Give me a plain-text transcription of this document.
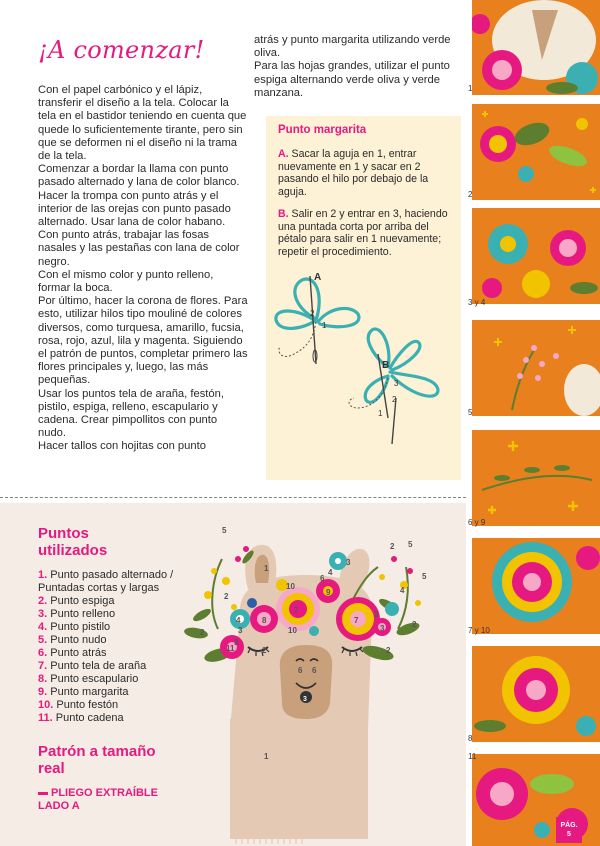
¡A comenzar!

Con el papel carbónico y el lápiz, transferir el diseño a la tela. Colocar la tela en el bastidor teniendo en cuenta que quede lo suficientemente tirante, pero sin que se deformen ni el diseño ni la trama de la tela.

Comenzar a bordar la llama con punto pasado alternado y lana de color blanco.

Hacer la trompa con punto atrás y el interior de las orejas con punto pasado alternado. Usar lana de color habano.

Con punto atrás, trabajar las fosas nasales y las pestañas con lana de color negro.

Con el mismo color y punto relleno, formar la boca.

Por último, hacer la corona de flores. Para esto, utilizar hilos tipo mouliné de colores diversos, como turquesa, amarillo, fucsia, rosa, rojo, azul, lila y magenta. Siguiendo el patrón de puntos, completar primero las flores principales y, luego, las más pequeñas.

Usar los puntos tela de araña, festón, pistilo, espiga, relleno, escapulario y cadena. Crear pimpollitos con punto nudo.

Hacer tallos con hojitas con punto

atrás y punto margarita utilizando verde oliva.

Para las hojas grandes, utilizar el punto espiga alternando verde oliva y verde manzana.

Punto margarita
A. Sacar la aguja en 1, entrar nuevamente en 1 y sacar en 2 pasando el hilo por debajo de la aguja.
B. Salir en 2 y entrar en 3, haciendo una puntada corta por arriba del pétalo para salir en 1 nuevamente; repetir el procedimiento.
A
1
2
B
3
2
1
Puntos utilizados
1. Punto pasado alternado / Puntadas cortas y largas
2. Punto espiga
3. Punto relleno
4. Punto pistilo
5. Punto nudo
6. Punto atrás
7. Punto tela de araña
8. Punto escapulario
9. Punto margarita
10. Punto festón
11. Punto cadena
Patrón a tamaño real
PLIEGO EXTRAÍBLE LADO A
5
2 5
1
3
4
10
7
9
6
7
2
4
3
2
3
11
8
2
10	3
2
3
6 6
4
2
5
1
3
1
2
3 y 4
5
6 y 9
7 y 10
8
11
PÁG.
5
